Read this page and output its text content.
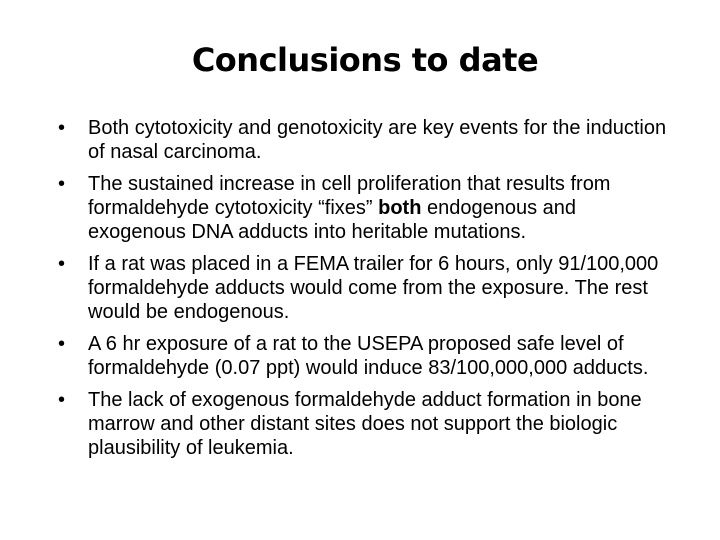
Conclusions to date
•	Both cytotoxicity and genotoxicity are key events for the induction of nasal carcinoma.
•	The sustained increase in cell proliferation that results from formaldehyde cytotoxicity “fixes” both endogenous and exogenous DNA adducts into heritable mutations.
•	If a rat was placed in a FEMA trailer for 6 hours, only 91/100,000 formaldehyde adducts would come from the exposure. The rest would be endogenous.
•	A 6 hr exposure of a rat to the USEPA proposed safe level of formaldehyde (0.07 ppt) would induce 83/100,000,000 adducts.
•	The lack of exogenous formaldehyde adduct formation in bone marrow and other distant sites does not support the biologic plausibility of leukemia.
